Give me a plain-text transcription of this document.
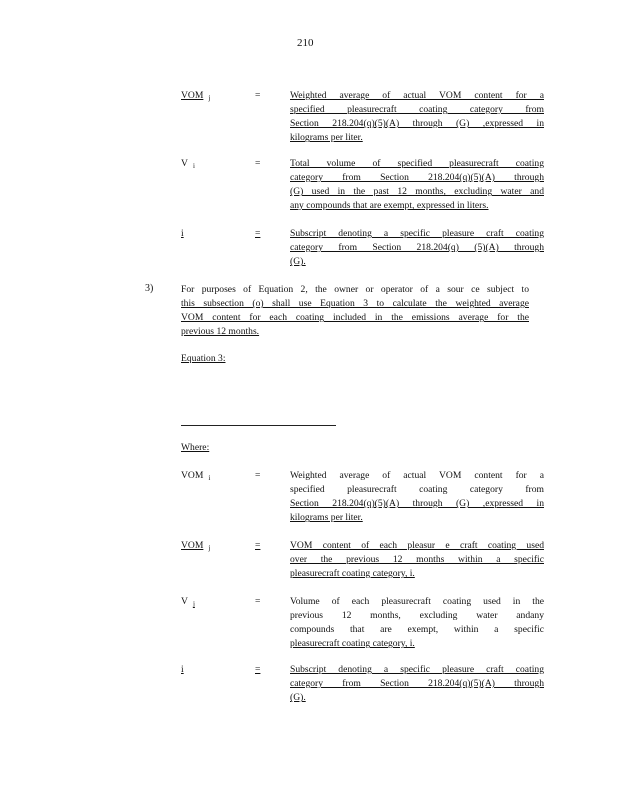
210
VOM $_j$	=	Weighted average of actual VOM content for a
specified pleasurecraft coating category from
Section 218.204(q)(5)(A) through (G) ,expressed in
kilograms per liter.
V $_i$	=	Total volume of specified pleasurecraft coating
category from Section 218.204(q)(5)(A) through
(G) used in the past 12 months, excluding water and
any compounds that are exempt, expressed in liters.
i	=	Subscript denoting a specific pleasure craft coating
category from Section 218.204(q) (5)(A) through
(G).
3)	For purposes of Equation 2, the owner or operator of a sour ce subject to
this subsection (o) shall use Equation 3 to calculate the weighted average
VOM content for each coating included in the emissions average for the
previous 12 months.
Equation 3:
Where:
VOM $_i$	=	Weighted average of actual VOM content for a
specified pleasurecraft coating category from
Section 218.204(q)(5)(A) through (G) ,expressed in
kilograms per liter.
VOM $_j$	=	VOM content of each pleasur e craft coating used
over the previous 12 months within a specific
pleasurecraft coating category, i.
V $_j$	=	Volume of each pleasurecraft coating used in the
previous 12 months, excluding water andany
compounds that are exempt, within a specific
pleasurecraft coating category, i.
i	=	Subscript denoting a specific pleasure craft coating
category from Section 218.204(q)(5)(A) through
(G).
